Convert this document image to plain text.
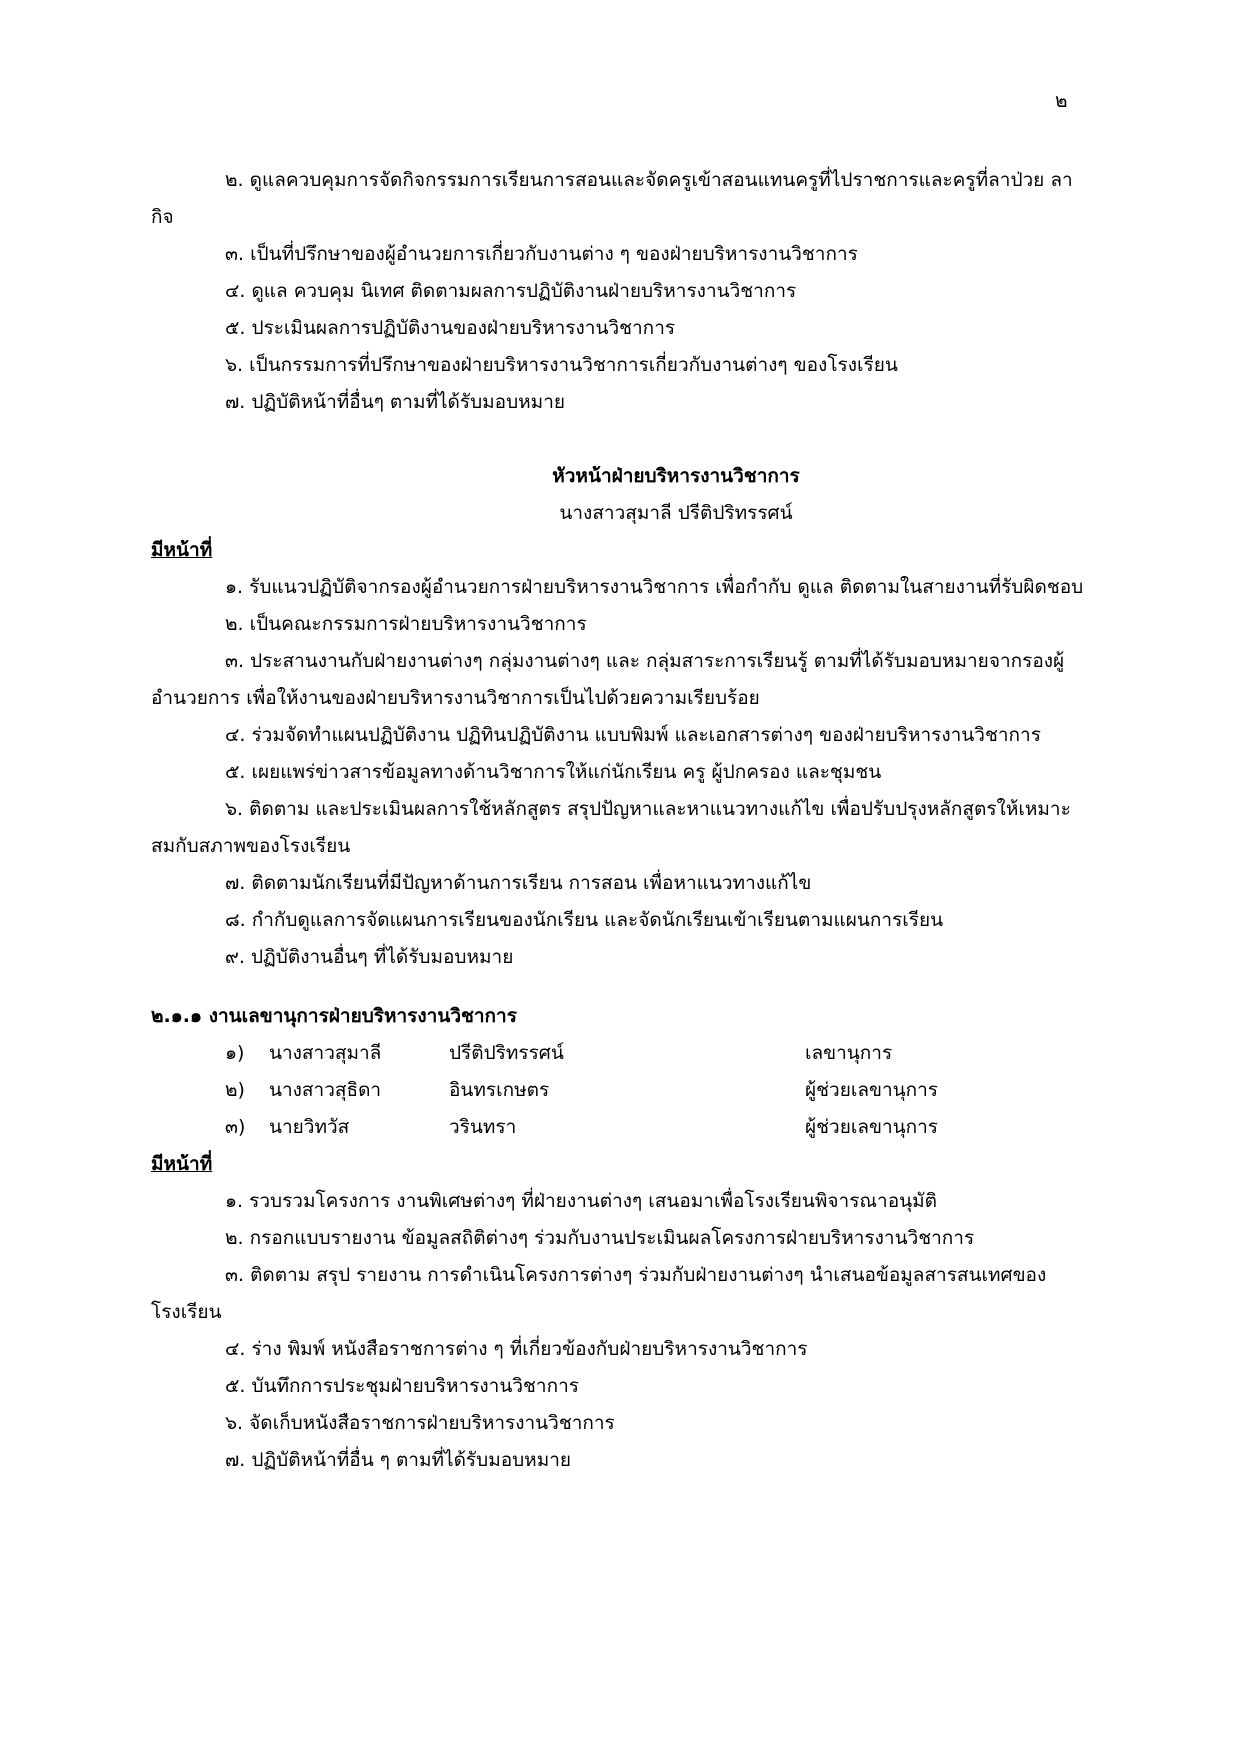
๒

๒. ดูแลควบคุมการจัดกิจกรรมการเรียนการสอนและจัดครูเข้าสอนแทนครูที่ไปราชการและครูที่ลาป่วย ลากิจ

๓. เป็นที่ปรึกษาของผู้อำนวยการเกี่ยวกับงานต่าง ๆ ของฝ่ายบริหารงานวิชาการ

๔. ดูแล ควบคุม นิเทศ ติดตามผลการปฏิบัติงานฝ่ายบริหารงานวิชาการ

๕. ประเมินผลการปฏิบัติงานของฝ่ายบริหารงานวิชาการ

๖. เป็นกรรมการที่ปรึกษาของฝ่ายบริหารงานวิชาการเกี่ยวกับงานต่างๆ ของโรงเรียน

๗. ปฏิบัติหน้าที่อื่นๆ ตามที่ได้รับมอบหมาย

หัวหน้าฝ่ายบริหารงานวิชาการ

นางสาวสุมาลี ปรีติปริทรรศน์

มีหน้าที่

๑. รับแนวปฏิบัติจากรองผู้อำนวยการฝ่ายบริหารงานวิชาการ เพื่อกำกับ ดูแล ติดตามในสายงานที่รับผิดชอบ

๒. เป็นคณะกรรมการฝ่ายบริหารงานวิชาการ

๓. ประสานงานกับฝ่ายงานต่างๆ กลุ่มงานต่างๆ และ กลุ่มสาระการเรียนรู้ ตามที่ได้รับมอบหมายจากรองผู้อำนวยการ เพื่อให้งานของฝ่ายบริหารงานวิชาการเป็นไปด้วยความเรียบร้อย

๔. ร่วมจัดทำแผนปฏิบัติงาน ปฏิทินปฏิบัติงาน แบบพิมพ์ และเอกสารต่างๆ ของฝ่ายบริหารงานวิชาการ

๕. เผยแพร่ข่าวสารข้อมูลทางด้านวิชาการให้แก่นักเรียน ครู ผู้ปกครอง และชุมชน

๖. ติดตาม และประเมินผลการใช้หลักสูตร สรุปปัญหาและหาแนวทางแก้ไข เพื่อปรับปรุงหลักสูตรให้เหมาะสมกับสภาพของโรงเรียน

๗. ติดตามนักเรียนที่มีปัญหาด้านการเรียน การสอน เพื่อหาแนวทางแก้ไข

๘. กำกับดูแลการจัดแผนการเรียนของนักเรียน และจัดนักเรียนเข้าเรียนตามแผนการเรียน

๙. ปฏิบัติงานอื่นๆ ที่ได้รับมอบหมาย

๒.๑.๑ งานเลขานุการฝ่ายบริหารงานวิชาการ

๑)	นางสาวสุมาลี	ปรีติปริทรรศน์	เลขานุการ
๒)	นางสาวสุธิดา	อินทรเกษตร	ผู้ช่วยเลขานุการ
๓)	นายวิทวัส	วรินทรา	ผู้ช่วยเลขานุการ

มีหน้าที่

๑. รวบรวมโครงการ งานพิเศษต่างๆ ที่ฝ่ายงานต่างๆ เสนอมาเพื่อโรงเรียนพิจารณาอนุมัติ

๒. กรอกแบบรายงาน ข้อมูลสถิติต่างๆ ร่วมกับงานประเมินผลโครงการฝ่ายบริหารงานวิชาการ

๓. ติดตาม สรุป รายงาน การดำเนินโครงการต่างๆ ร่วมกับฝ่ายงานต่างๆ นำเสนอข้อมูลสารสนเทศของโรงเรียน

๔. ร่าง พิมพ์ หนังสือราชการต่าง ๆ ที่เกี่ยวข้องกับฝ่ายบริหารงานวิชาการ

๕. บันทึกการประชุมฝ่ายบริหารงานวิชาการ

๖. จัดเก็บหนังสือราชการฝ่ายบริหารงานวิชาการ

๗. ปฏิบัติหน้าที่อื่น ๆ ตามที่ได้รับมอบหมาย
